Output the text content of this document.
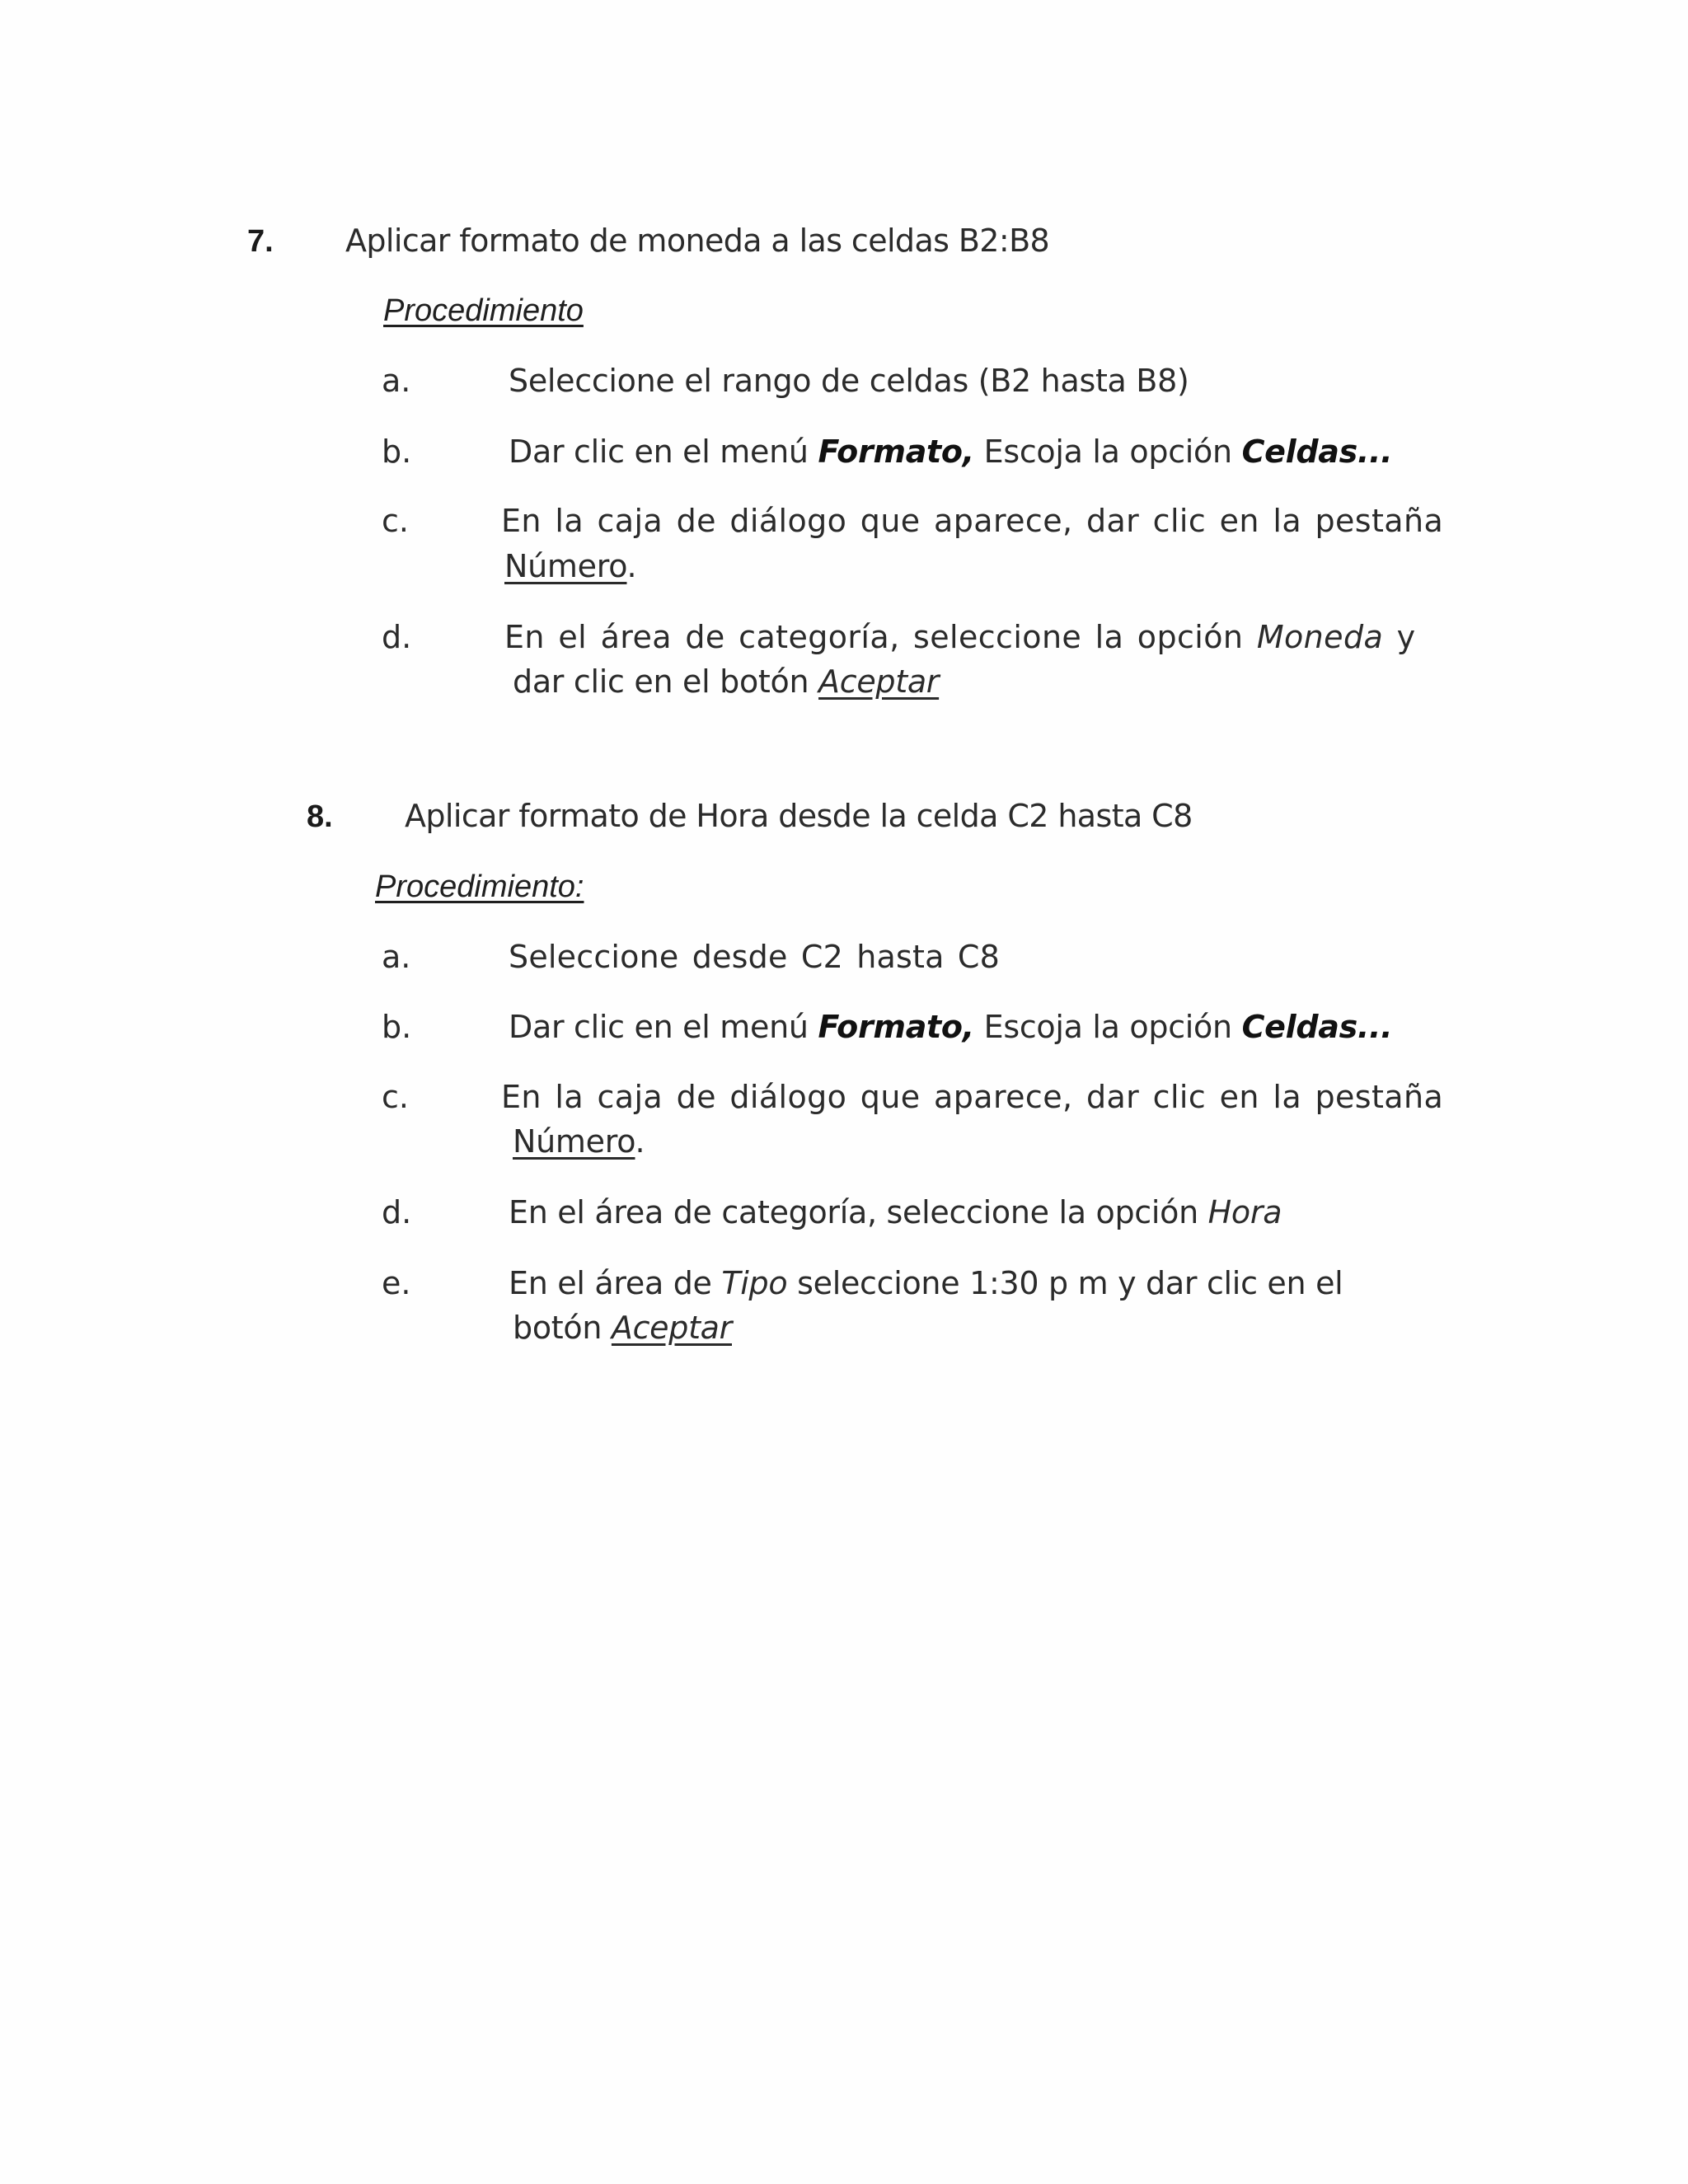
7. Aplicar formato de moneda a las celdas B2:B8
Procedimiento
a.	Seleccione el rango de celdas (B2 hasta B8)
b.	Dar clic en el menú Formato, Escoja la opción Celdas...
c.	En la caja de diálogo que aparece, dar clic en la pestaña
Número.
d.	En el área de categoría, seleccione la opción Moneda y
dar clic en el botón Aceptar
8. Aplicar formato de Hora desde la celda C2 hasta C8
Procedimiento:
a.	Seleccione desde C2 hasta C8
b.	Dar clic en el menú Formato, Escoja la opción Celdas...
c.	En la caja de diálogo que aparece, dar clic en la pestaña
Número.
d.	En el área de categoría, seleccione la opción Hora
e.	En el área de Tipo seleccione 1:30 p m y dar clic en el
botón Aceptar
